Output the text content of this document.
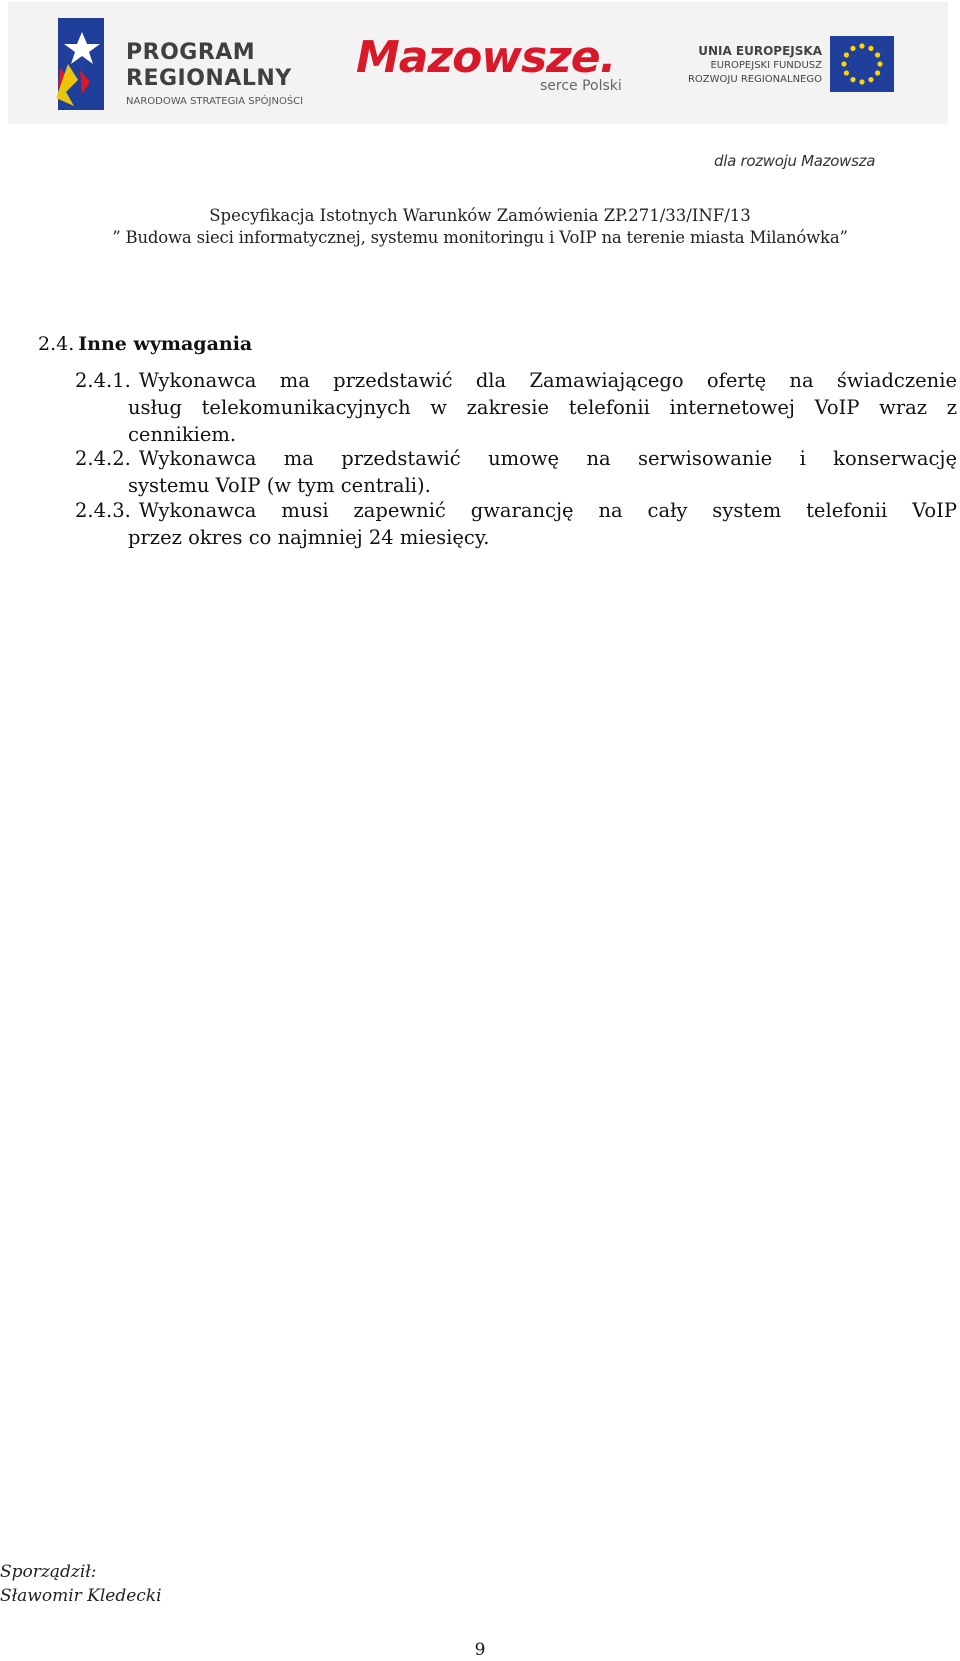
PROGRAM
REGIONALNY
NARODOWA STRATEGIA SPÓJNOŚCI
Mazowsze.
serce Polski
UNIA EUROPEJSKA
EUROPEJSKI FUNDUSZ
ROZWOJU REGIONALNEGO
dla rozwoju Mazowsza
Specyfikacja Istotnych Warunków Zamówienia ZP.271/33/INF/13
” Budowa sieci informatycznej, systemu monitoringu i VoIP na terenie miasta Milanówka”
2.4. Inne wymagania
2.4.1. Wykonawca ma przedstawić dla Zamawiającego ofertę na świadczenie
usług telekomunikacyjnych w zakresie telefonii internetowej VoIP wraz z cennikiem.
2.4.2. Wykonawca ma przedstawić umowę na serwisowanie i konserwację
systemu VoIP (w tym centrali).
2.4.3. Wykonawca musi zapewnić gwarancję na cały system telefonii VoIP
przez okres co najmniej 24 miesięcy.
Sporządził:
Sławomir Kledecki
9
